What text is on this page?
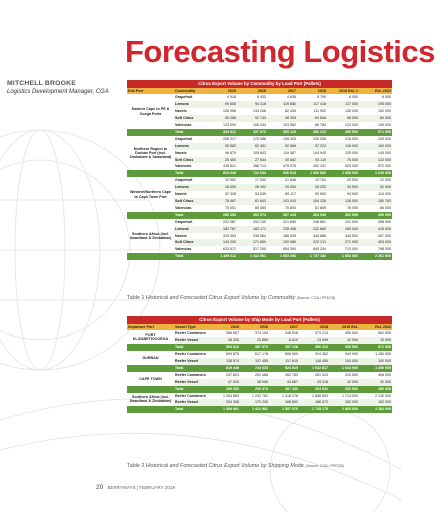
Forecasting Logistics
MITCHELL BROOKE
Logistics Development Manager, CGA
Citrus Export Volume by Commodity by Load Port (Pallets)							
Exit Port	Commodity	2015	2016	2017	2018	2019 Est. 1	Est. 2022
Eastern Cape to PE & Coega Ports	Grapefruit	4 918	8 403	4 636	5 799	6 000	6 500
	Lemons	99 650	94 318	119 880	117 418	137 500	195 000
	Navels	126 956	134 206	82 435	111 952	135 000	152 000
	Soft Citrus	40 285	52 743	48 393	64 846	68 000	80 000
	Valencias	123 000	106 243	103 962	86 784	123 000	140 000
	Total	394 812	397 873	359 125	386 212	469 500	571 500
Northern Region to Durban Port (incl. Zimbabwe & Swaziland)	Grapefruit	206 217	170 086	195 403	230 058	215 000	240 000
	Lemons	55 582	62 451	92 566	97 224	118 000	160 000
	Navels	96 879	105 843	119 387	144 945	125 000	145 000
	Soft Citrus	25 450	27 544	49 682	93 119	75 000	123 000
	Valencias	435 521	356 712	479 575	492 191	525 000	572 300
	Total	819 649	722 634	936 613	1 056 832	1 058 000	1 240 300
Western/Northern Cape to Cape Town Port	Grapefruit	10 952	17 590	21 648	19 704	20 500	22 000
	Lemons	28 555	28 392	29 050	28 253	33 500	52 000
	Navels	92 328	94 539	85 117	90 592	94 500	110 000
	Soft Citrus	78 467	81 643	101 910	104 128	128 000	180 762
	Valencias	75 051	80 380	70 693	61 859	76 000	86 000
	Total	285 353	302 574	307 418	304 535	352 500	450 000
Southern Africa (incl. Swaziland & Zimbabwe)	Grapefruit	222 087	202 139	221 659	248 861	241 500	268 500
	Lemons	183 787	183 171	235 496	242 889	289 000	415 000
	Navels	315 963	338 584	286 939	344 888	344 500	407 000
	Soft Citrus	144 202	171 850	192 086	220 211	271 000	403 000
	Valencias	633 572	517 255	654 390	640 334	713 000	798 300
	Total	1 499 611	1 412 961	1 603 056	1 737 183	1 860 000	2 261 800
Table 1 Historical and Forecasted Citrus Export Volume by Commodity (Source: CGA / PPECB)
Citrus Export Volume by Ship Mode by Load Port (Pallets)							
Departure Port	Vessel Type	2015	2016	2017	2018	2019 Est.	Est. 2022
PORT ELIZABETH/COEGA	Reefer Containers	366 607	374 104	348 518	373 213	459 500	561 500
	Reefer Vessel	28 205	23 869	8 610	13 099	10 000	10 000
	Total	394 812	397 973	357 128	386 312	469 500	571 500
DURBAN	Reefer Containers	690 875	617 178	806 900	924 362	943 000	1 150 500
	Reefer Vessel	128 574	107 455	117 615	118 455	100 000	100 000
	Total	819 449	724 633	924 515	1 042 817	1 043 000	1 250 500
CAPE TOWN	Reefer Containers	237 823	251 468	262 763	261 023	310 500	408 000
	Reefer Vessel	47 529	38 906	44 667	43 018	42 000	42 000
	Total	285 352	290 374	307 430	304 041	352 500	450 000
Southern Africa (incl. Swaziland & Zimbabwe)	Reefer Containers	1 304 683	1 242 751	1 418 178	1 558 603	1 713 000	2 130 000
	Reefer Vessel	204 308	170 230	168 892	186 572	152 000	152 000
	Total	1 508 991	1 412 981	1 587 070	1 745 175	1 865 000	2 282 000
Table 2 Historical and Forecasted Citrus Export Volume by Shipping Mode (Source: CGA / PPECB)
20 BERRYWAYS | FEBRUARY 2019
